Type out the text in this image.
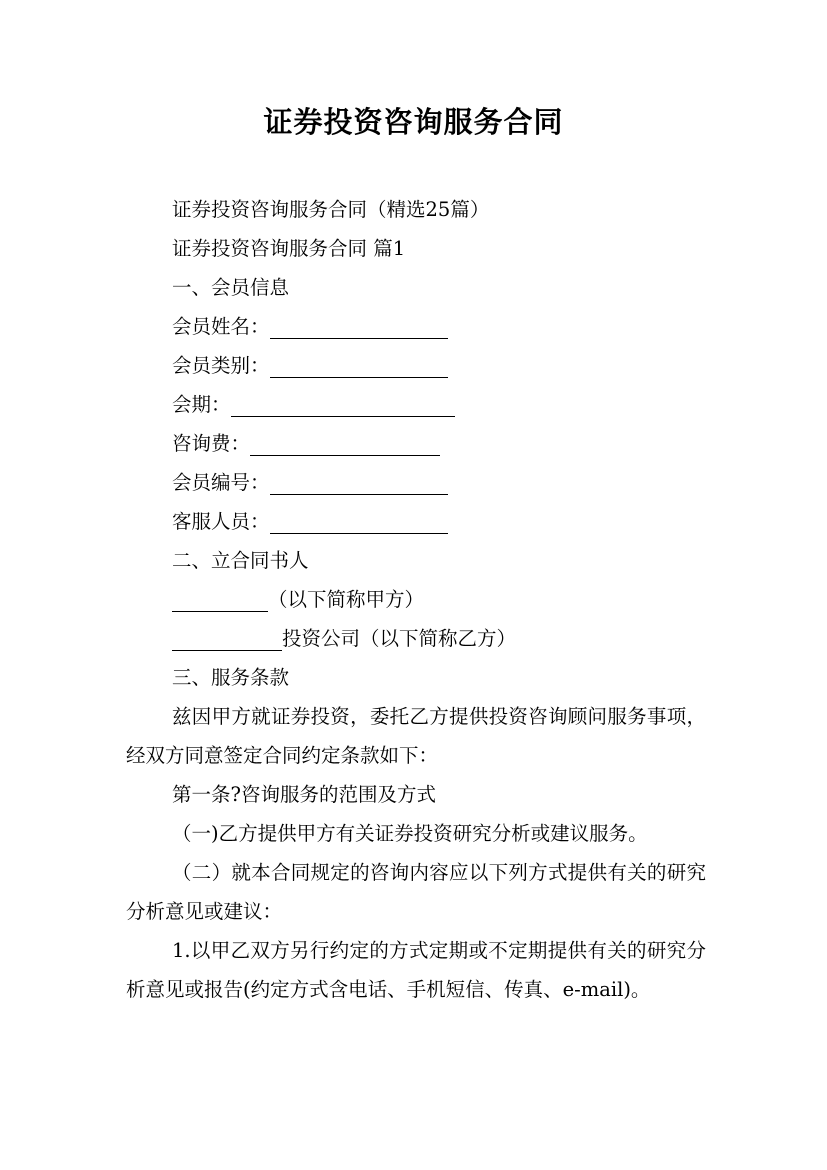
证券投资咨询服务合同

证券投资咨询服务合同（精选25篇）

证券投资咨询服务合同 篇1

一、会员信息

会员姓名：

会员类别：

会期：

咨询费：

会员编号：

客服人员：

二、立合同书人

（以下简称甲方）

投资公司（以下简称乙方）

三、服务条款

兹因甲方就证券投资，委托乙方提供投资咨询顾问服务事项，经双方同意签定合同约定条款如下：

第一条?咨询服务的范围及方式

（一)乙方提供甲方有关证券投资研究分析或建议服务。

（二）就本合同规定的咨询内容应以下列方式提供有关的研究分析意见或建议：

1.以甲乙双方另行约定的方式定期或不定期提供有关的研究分析意见或报告(约定方式含电话、手机短信、传真、e-mail)。
